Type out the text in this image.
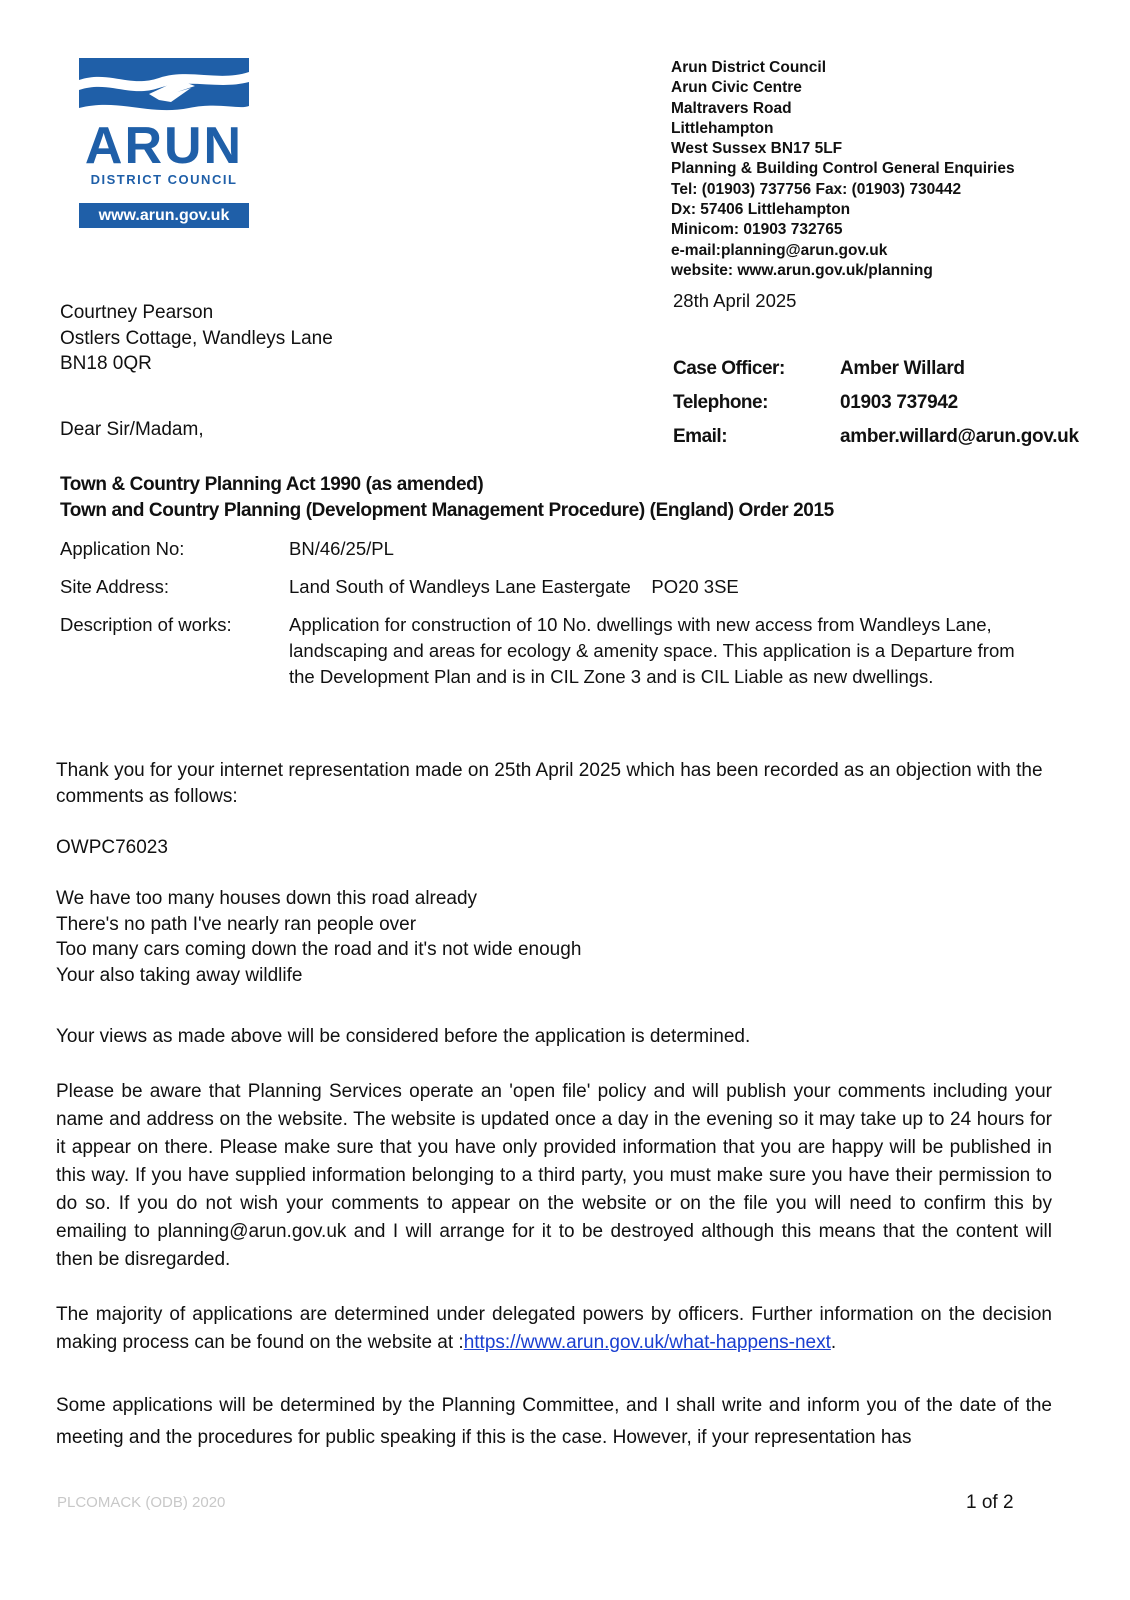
ARUN
DISTRICT COUNCIL
www.arun.gov.uk
Arun District Council
Arun Civic Centre
Maltravers Road
Littlehampton
West Sussex BN17 5LF
Planning & Building Control General Enquiries
Tel: (01903) 737756 Fax: (01903) 730442
Dx: 57406 Littlehampton
Minicom: 01903 732765
e-mail:planning@arun.gov.uk
website: www.arun.gov.uk/planning
28th April 2025
Courtney Pearson
Ostlers Cottage, Wandleys Lane
BN18 0QR	Case Officer:	Amber Willard
Telephone:	01903 737942
Email:	amber.willard@arun.gov.uk
Dear Sir/Madam,
Town & Country Planning Act 1990 (as amended)
Town and Country Planning (Development Management Procedure) (England) Order 2015
Application No:	BN/46/25/PL
Site Address:	Land South of Wandleys Lane Eastergate    PO20 3SE
Description of works:	Application for construction of 10 No. dwellings with new access from Wandleys Lane, landscaping and areas for ecology & amenity space. This application is a Departure from the Development Plan and is in CIL Zone 3 and is CIL Liable as new dwellings.
Thank you for your internet representation made on 25th April 2025 which has been recorded as an objection with the comments as follows:
OWPC76023
We have too many houses down this road already
There's no path I've nearly ran people over
Too many cars coming down the road and it's not wide enough
Your also taking away wildlife
Your views as made above will be considered before the application is determined.
Please be aware that Planning Services operate an 'open file' policy and will publish your comments including your name and address on the website. The website is updated once a day in the evening so it may take up to 24 hours for it appear on there. Please make sure that you have only provided information that you are happy will be published in this way. If you have supplied information belonging to a third party, you must make sure you have their permission to do so. If you do not wish your comments to appear on the website or on the file you will need to confirm this by emailing to planning@arun.gov.uk and I will arrange for it to be destroyed although this means that the content will then be disregarded.
The majority of applications are determined under delegated powers by officers. Further information on the decision making process can be found on the website at :https://www.arun.gov.uk/what-happens-next.
Some applications will be determined by the Planning Committee, and I shall write and inform you of the date of the meeting and the procedures for public speaking if this is the case. However, if your representation has
PLCOMACK (ODB) 2020	1 of 2
